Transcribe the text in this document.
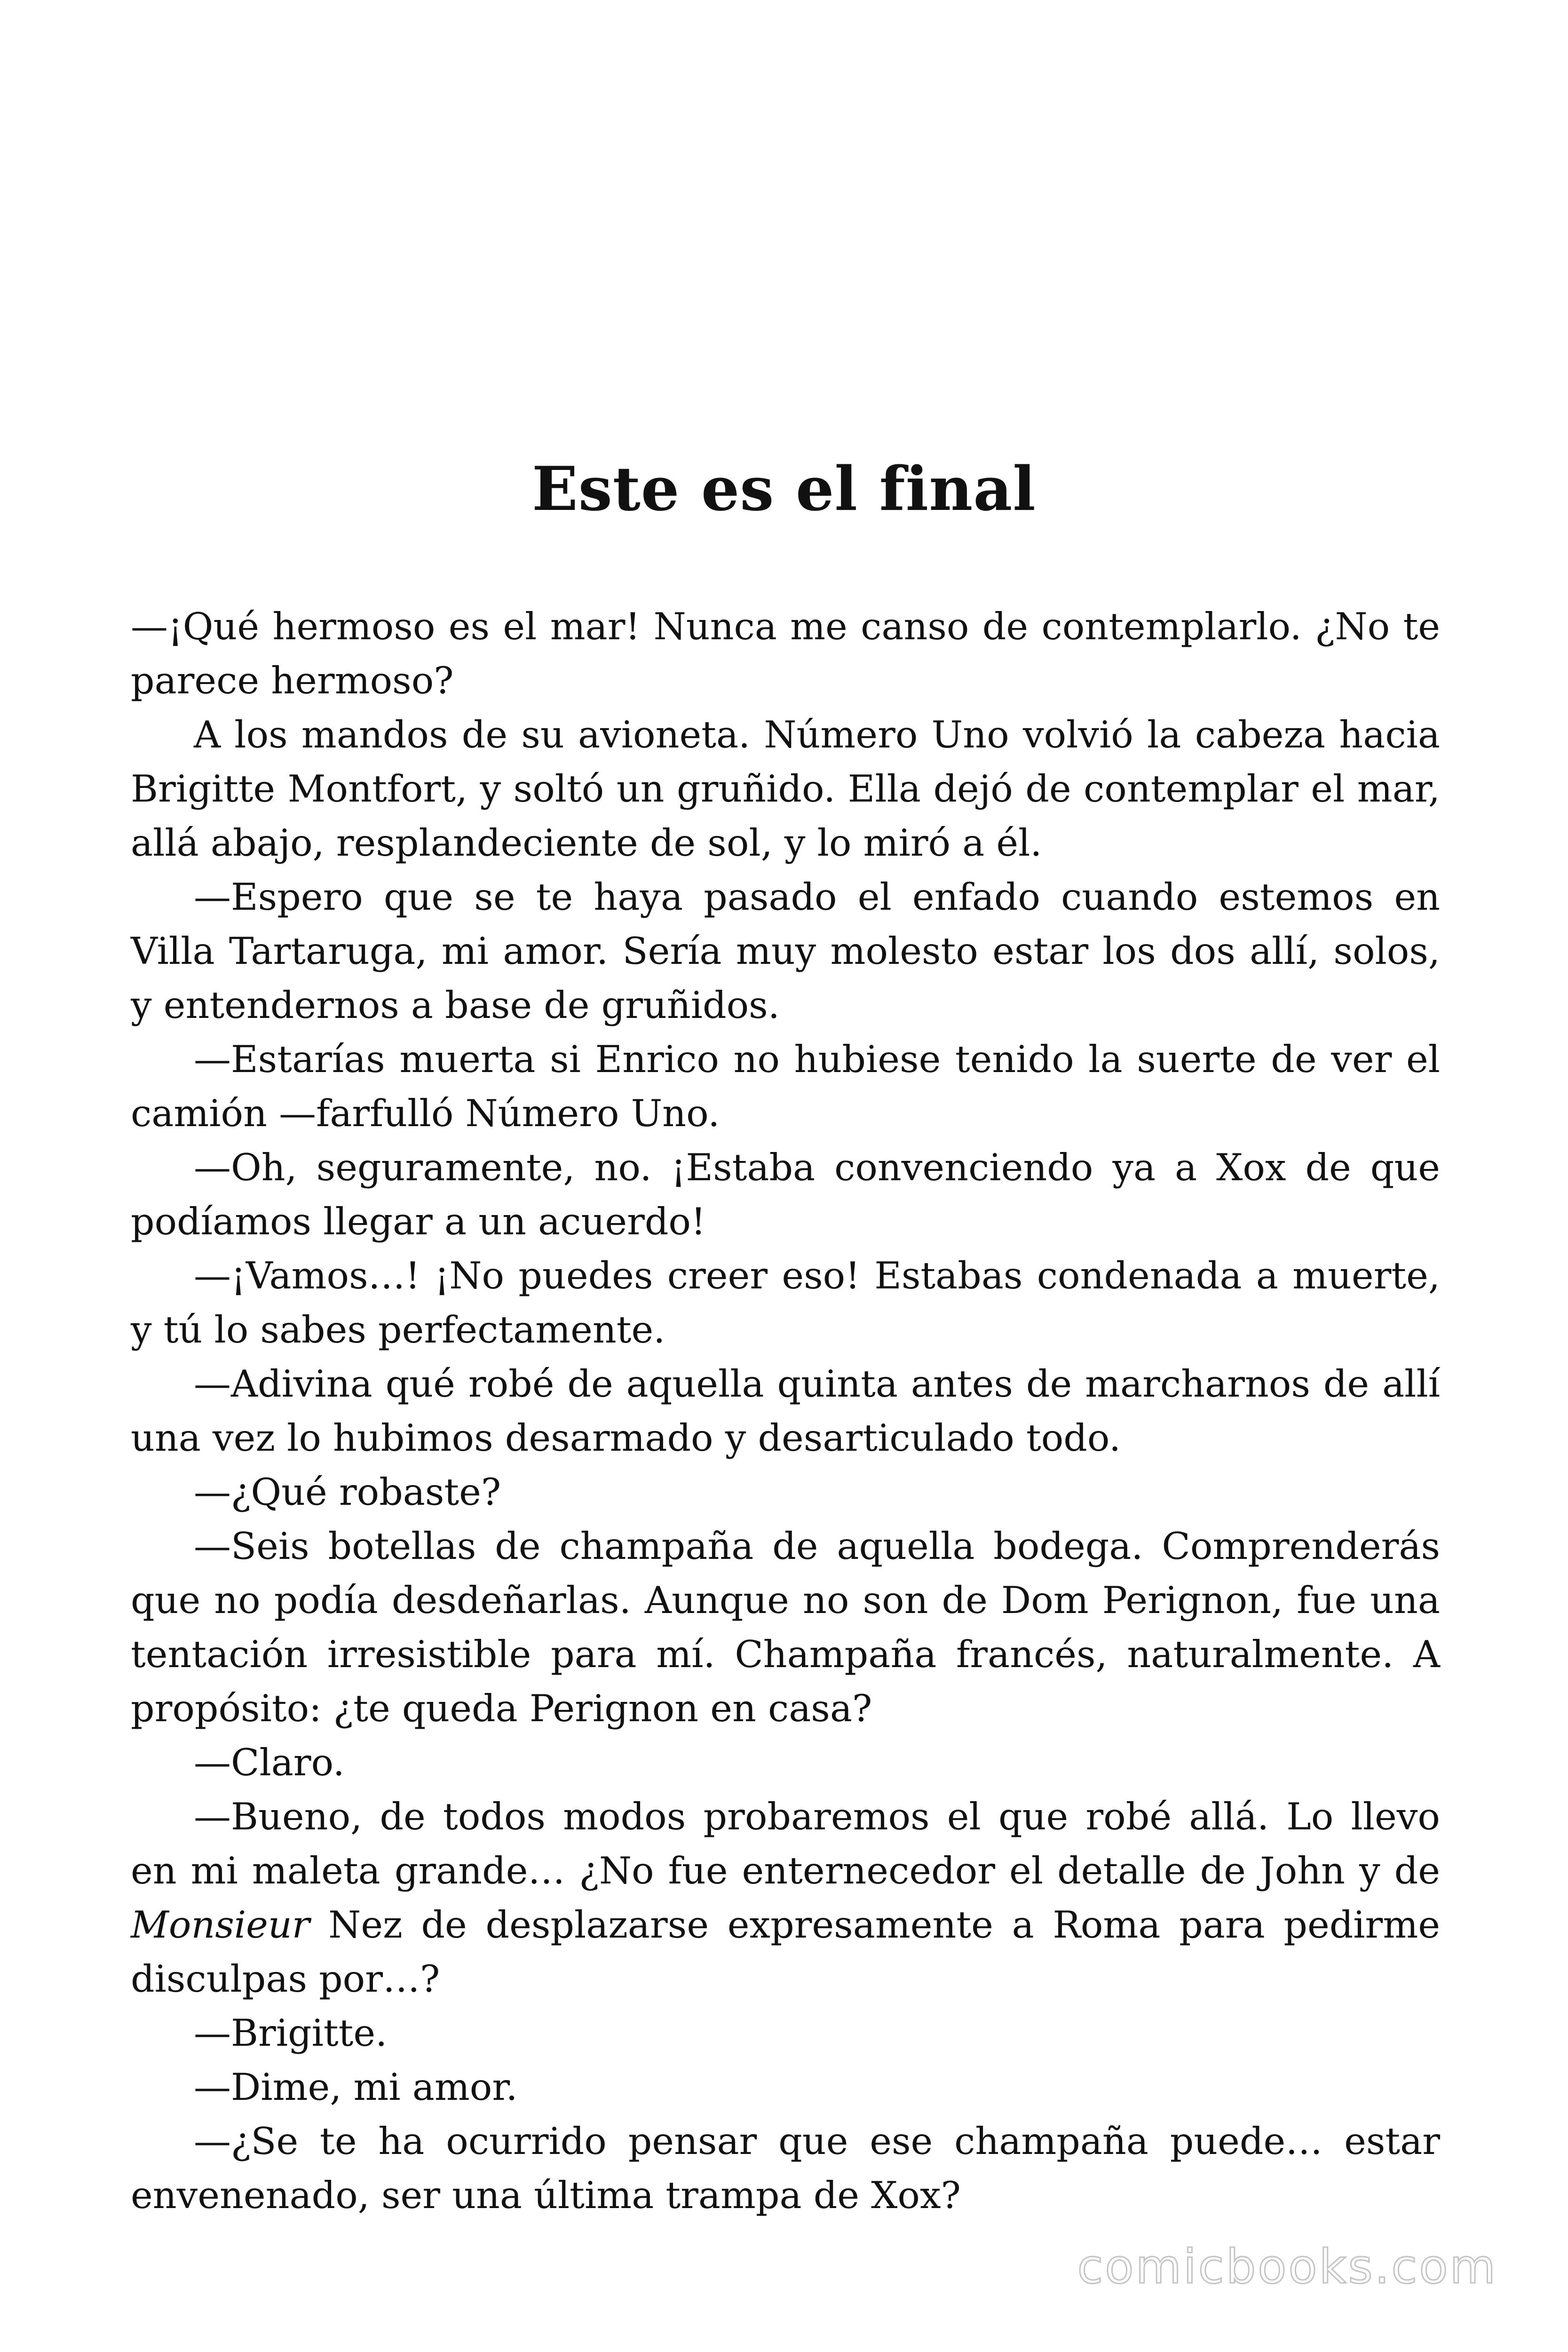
Este es el final

—¡Qué hermoso es el mar! Nunca me canso de contemplarlo. ¿No te parece hermoso?

A los mandos de su avioneta. Número Uno volvió la cabeza hacia Brigitte Montfort, y soltó un gruñido. Ella dejó de contemplar el mar, allá abajo, resplandeciente de sol, y lo miró a él.

—Espero que se te haya pasado el enfado cuando estemos en Villa Tartaruga, mi amor. Sería muy molesto estar los dos allí, solos, y entendernos a base de gruñidos.

—Estarías muerta si Enrico no hubiese tenido la suerte de ver el camión —farfulló Número Uno.

—Oh, seguramente, no. ¡Estaba convenciendo ya a Xox de que podíamos llegar a un acuerdo!

—¡Vamos…! ¡No puedes creer eso! Estabas condenada a muerte, y tú lo sabes perfectamente.

—Adivina qué robé de aquella quinta antes de marcharnos de allí una vez lo hubimos desarmado y desarticulado todo.

—¿Qué robaste?

—Seis botellas de champaña de aquella bodega. Comprenderás que no podía desdeñarlas. Aunque no son de Dom Perignon, fue una tentación irresistible para mí. Champaña francés, naturalmente. A propósito: ¿te queda Perignon en casa?

—Claro.

—Bueno, de todos modos probaremos el que robé allá. Lo llevo en mi maleta grande… ¿No fue enternecedor el detalle de John y de Monsieur Nez de desplazarse expresamente a Roma para pedirme disculpas por…?

—Brigitte.

—Dime, mi amor.

—¿Se te ha ocurrido pensar que ese champaña puede… estar envenenado, ser una última trampa de Xox?

comicbooks.com
